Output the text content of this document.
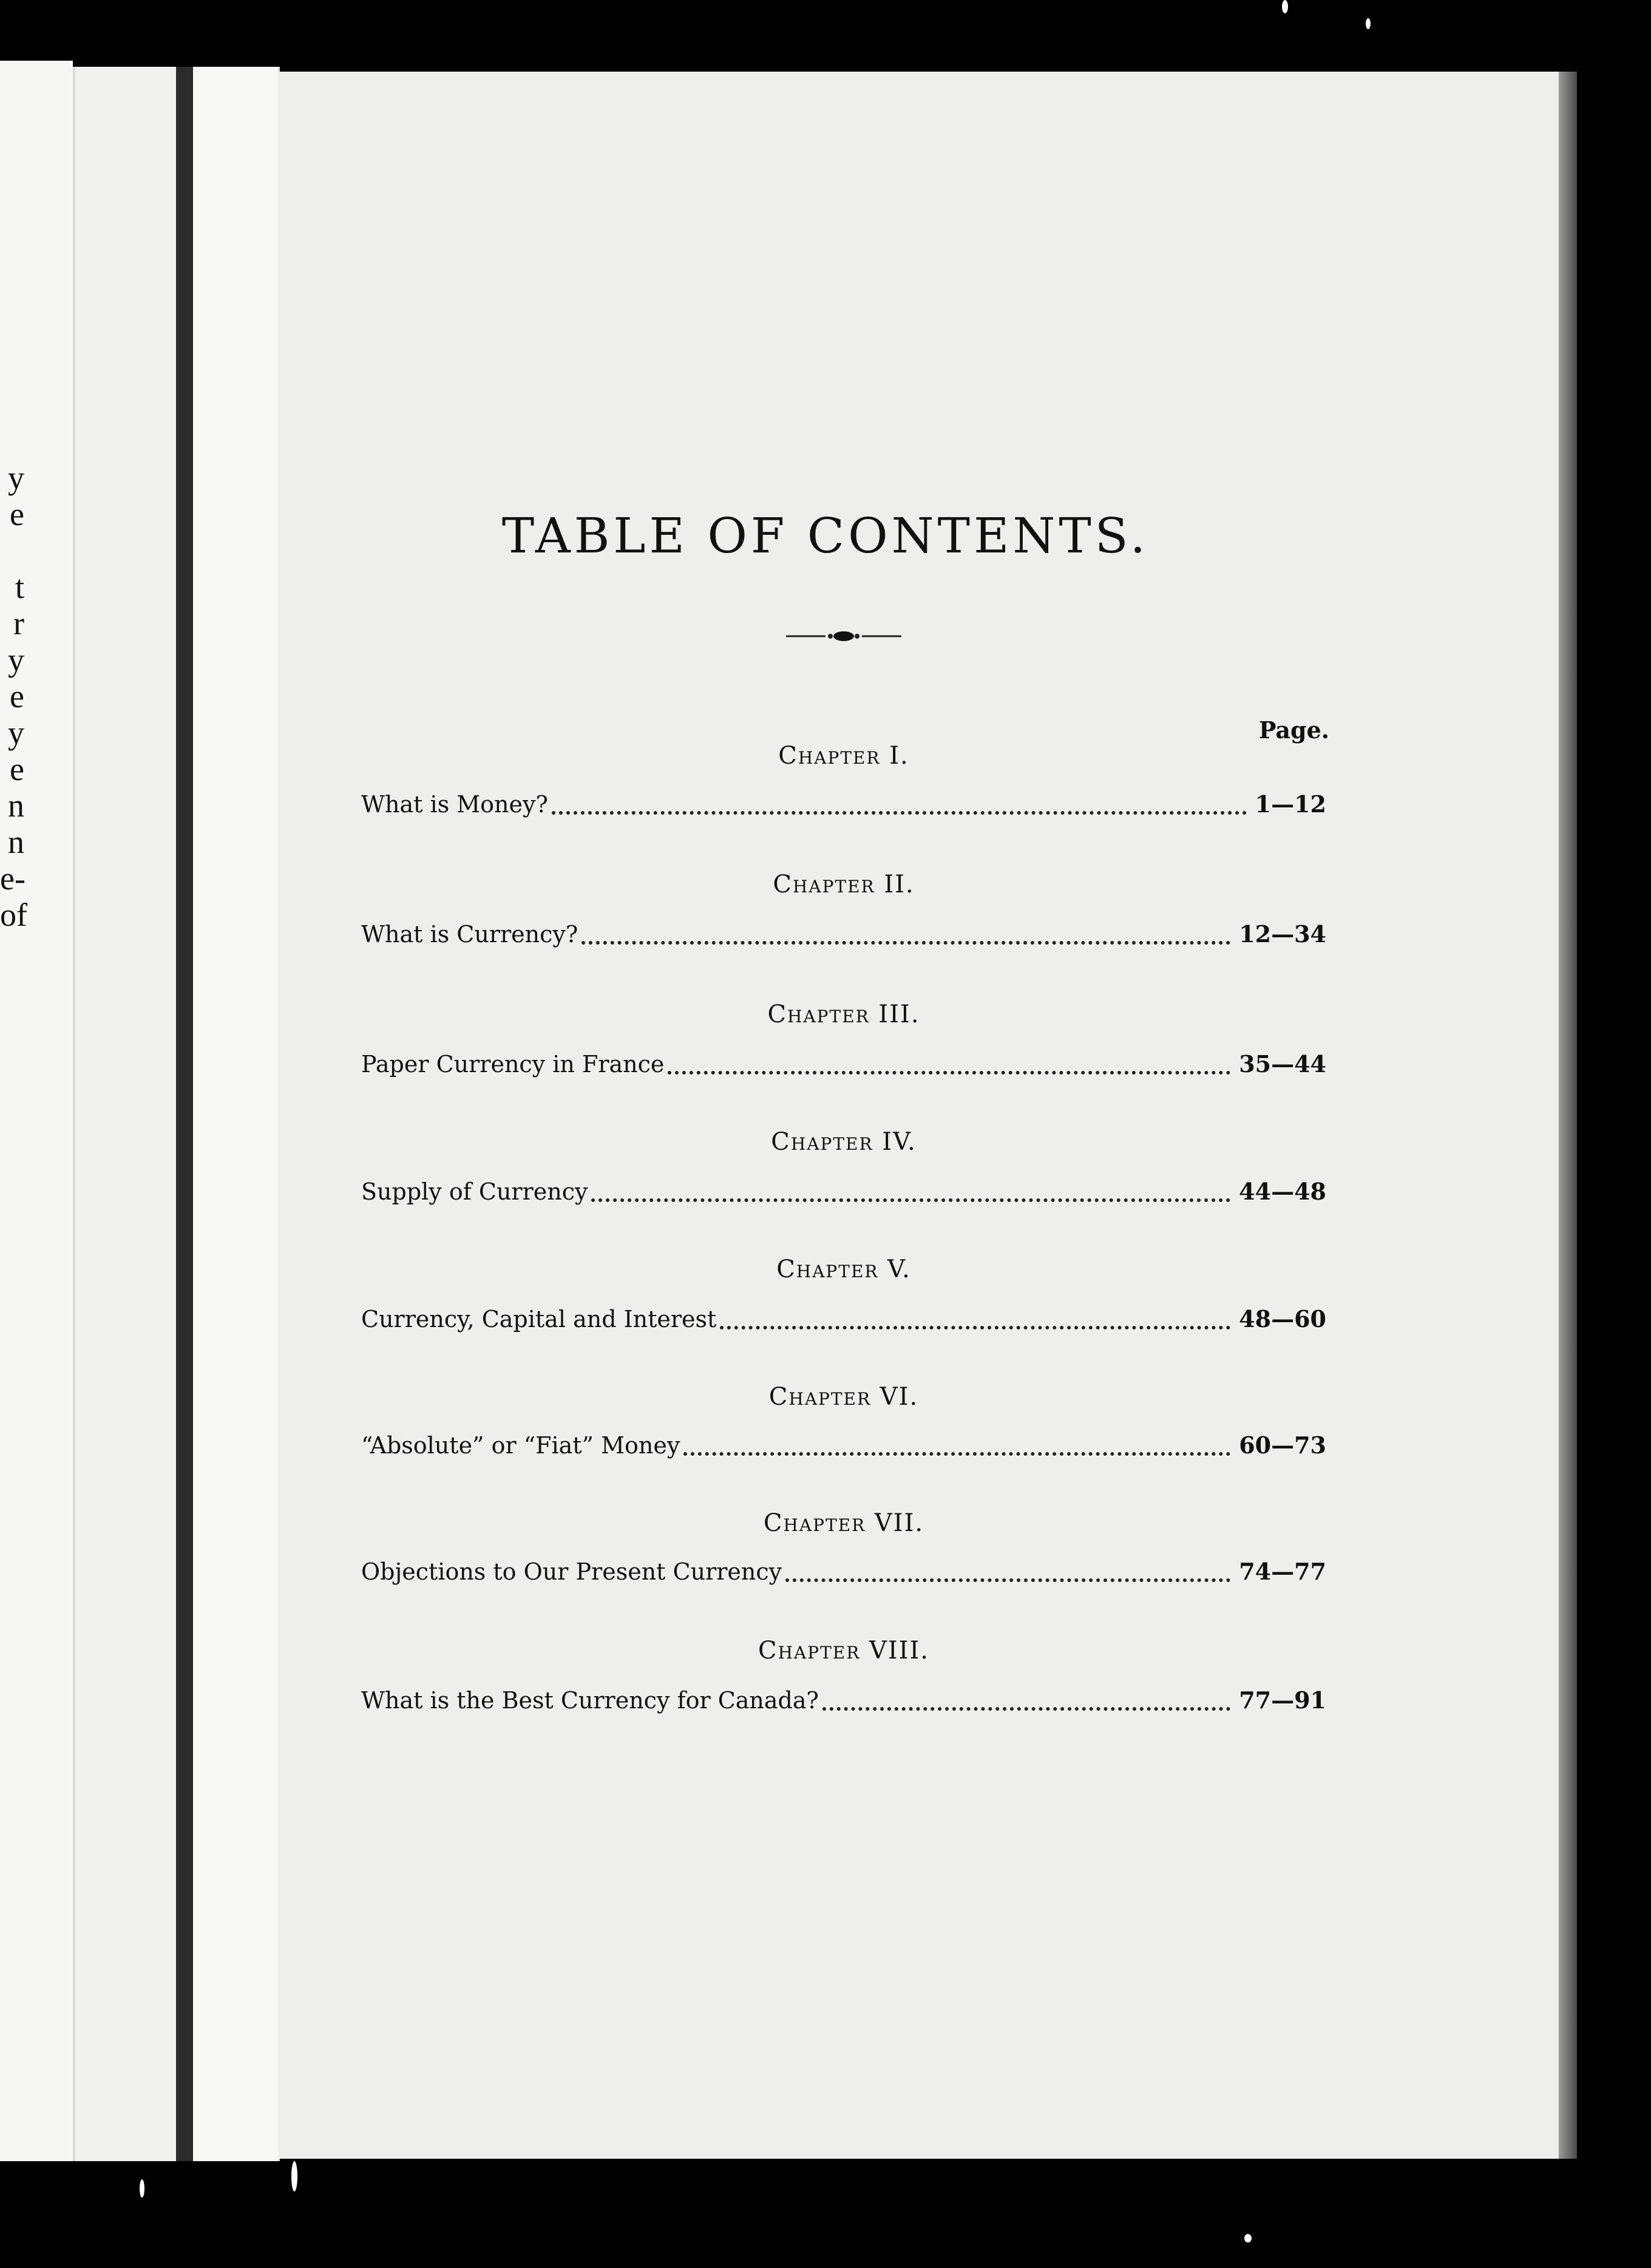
y
e
t
r
y
e
y
e
n
n
e-
of
TABLE OF CONTENTS.
Page.
Chapter I.
What is Money?	1—12
Chapter II.
What is Currency?	12—34
Chapter III.
Paper Currency in France	35—44
Chapter IV.
Supply of Currency	44—48
Chapter V.
Currency, Capital and Interest	48—60
Chapter VI.
“Absolute” or “Fiat” Money	60—73
Chapter VII.
Objections to Our Present Currency	74—77
Chapter VIII.
What is the Best Currency for Canada?	77—91
